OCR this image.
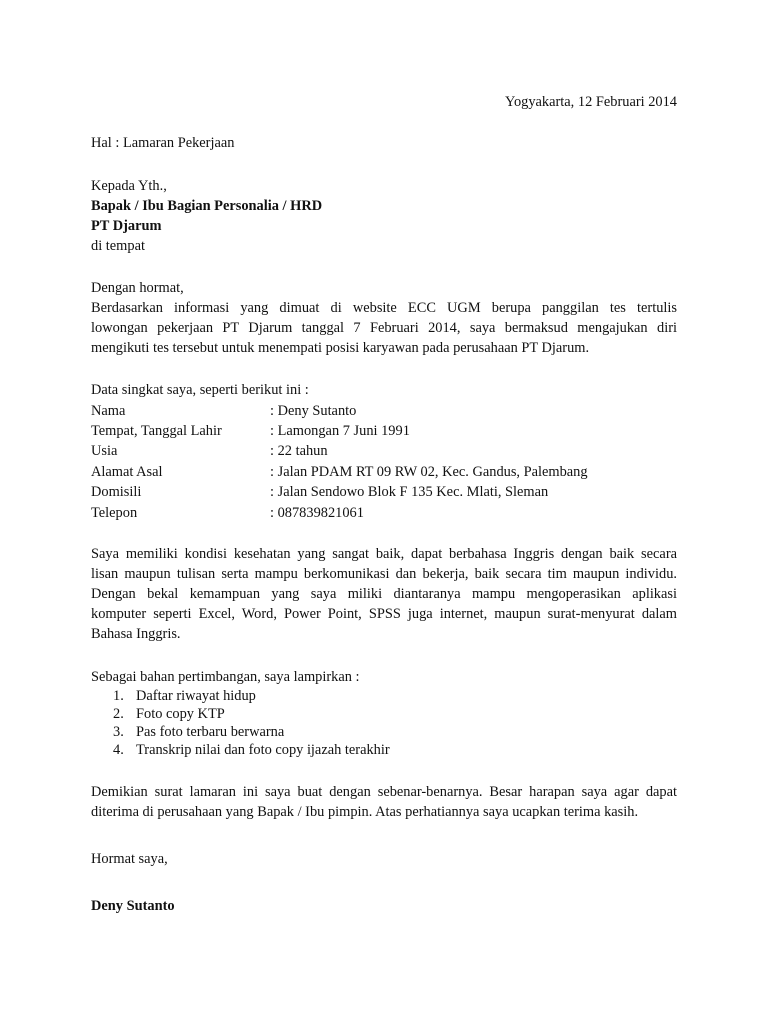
Yogyakarta, 12 Februari 2014
Hal : Lamaran Pekerjaan
Kepada Yth.,
Bapak / Ibu Bagian Personalia / HRD
PT Djarum
di tempat
Dengan hormat,
Berdasarkan informasi yang dimuat di website ECC UGM berupa panggilan tes tertulis
lowongan pekerjaan PT Djarum tanggal 7 Februari 2014, saya bermaksud mengajukan diri
mengikuti tes tersebut untuk menempati posisi karyawan pada perusahaan PT Djarum.
Data singkat saya, seperti berikut ini :
Nama	: Deny Sutanto
Tempat, Tanggal Lahir	: Lamongan 7 Juni 1991
Usia	: 22 tahun
Alamat Asal	: Jalan PDAM RT 09 RW 02, Kec. Gandus, Palembang
Domisili	: Jalan Sendowo Blok F 135 Kec. Mlati, Sleman
Telepon	: 087839821061
Saya memiliki kondisi kesehatan yang sangat baik, dapat berbahasa Inggris dengan baik secara
lisan maupun tulisan serta mampu berkomunikasi dan bekerja, baik secara tim maupun individu.
Dengan bekal kemampuan yang saya miliki diantaranya mampu mengoperasikan aplikasi
komputer seperti Excel, Word, Power Point, SPSS juga internet, maupun surat-menyurat dalam
Bahasa Inggris.
Sebagai bahan pertimbangan, saya lampirkan :
1. Daftar riwayat hidup
2. Foto copy KTP
3. Pas foto terbaru berwarna
4. Transkrip nilai dan foto copy ijazah terakhir
Demikian surat lamaran ini saya buat dengan sebenar-benarnya. Besar harapan saya agar dapat
diterima di perusahaan yang Bapak / Ibu pimpin. Atas perhatiannya saya ucapkan terima kasih.
Hormat saya,
Deny Sutanto
